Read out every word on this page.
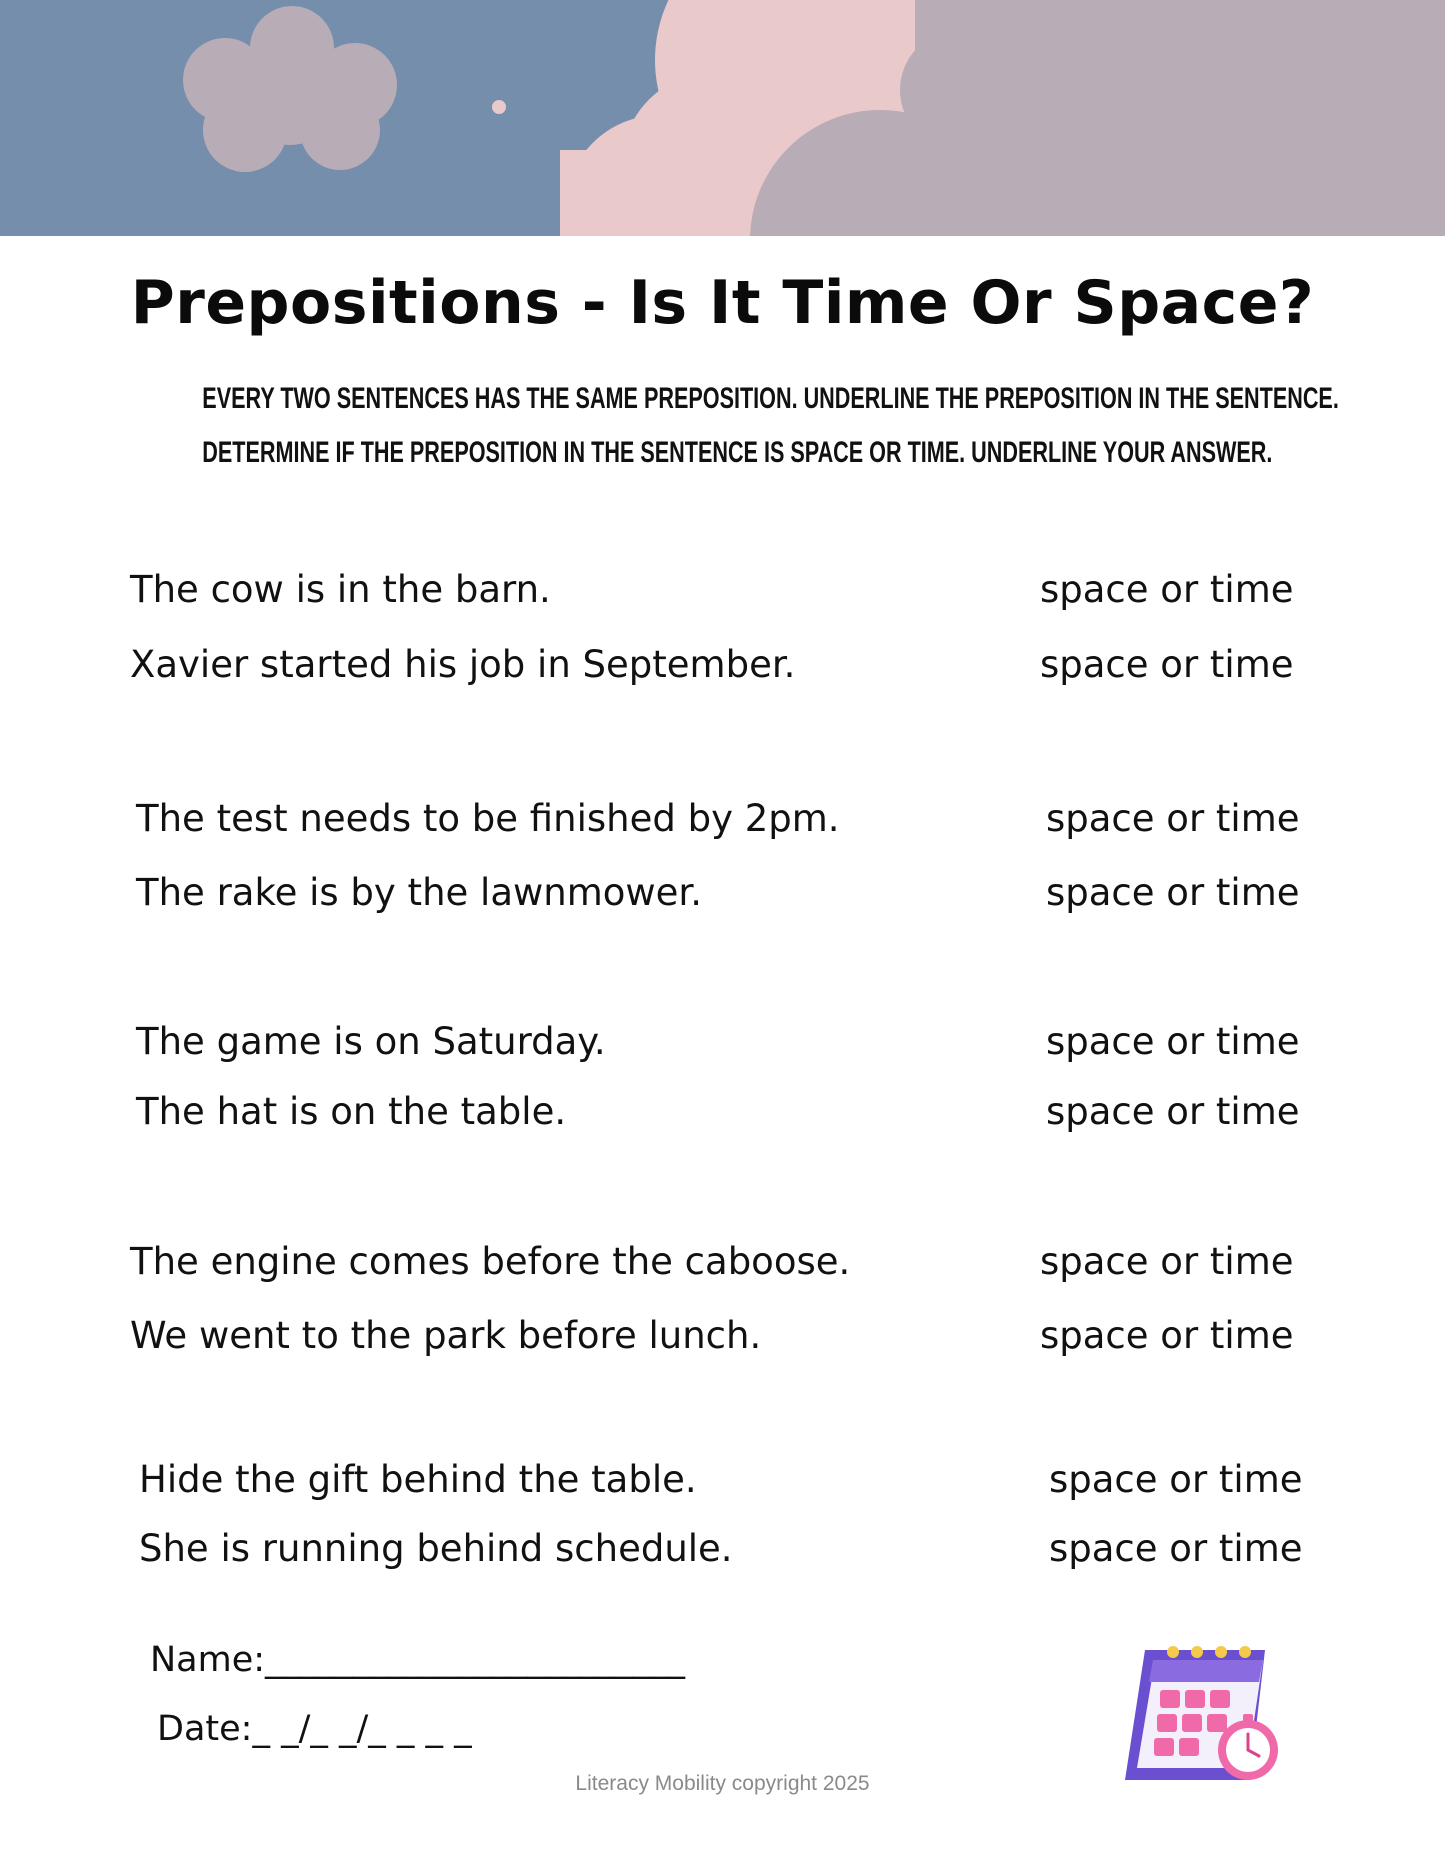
Prepositions - Is It Time Or Space?
EVERY TWO SENTENCES HAS THE SAME PREPOSITION. UNDERLINE THE PREPOSITION IN THE SENTENCE.
DETERMINE IF THE PREPOSITION IN THE SENTENCE IS SPACE OR TIME. UNDERLINE YOUR ANSWER.
The cow is in the barn.	space or time
Xavier started his job in September.	space or time
The test needs to be finished by 2pm.	space or time
The rake is by the lawnmower.	space or time
The game is on Saturday.	space or time
The hat is on the table.	space or time
The engine comes before the caboose.	space or time
We went to the park before lunch.	space or time
Hide the gift behind the table.	space or time
She is running behind schedule.	space or time
Name:________________________
Date:_ _/_ _/_ _ _ _
Literacy Mobility copyright 2025
